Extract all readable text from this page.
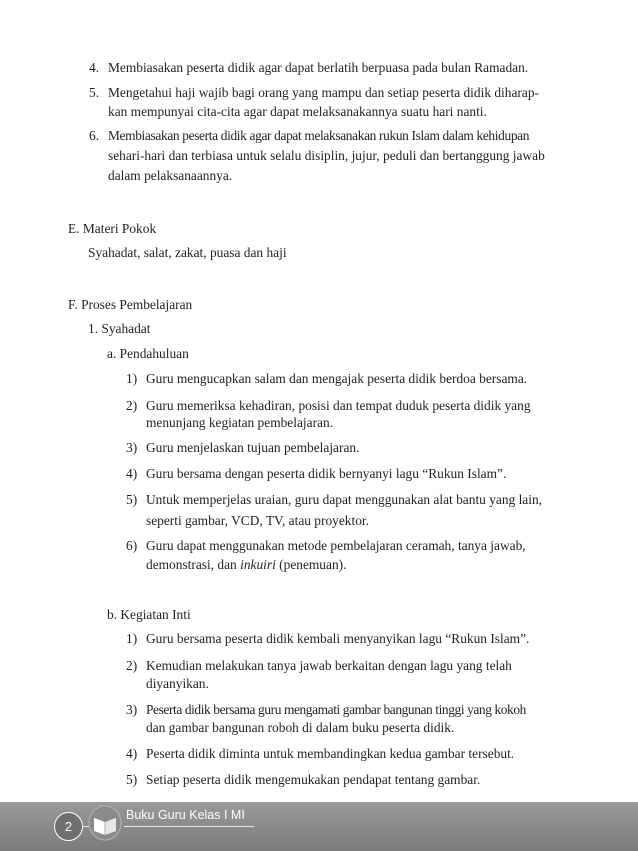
4. Membiasakan peserta didik agar dapat berlatih berpuasa pada bulan Ramadan.
5. Mengetahui haji wajib bagi orang yang mampu dan setiap peserta didik diharap-
kan mempunyai cita-cita agar dapat melaksanakannya suatu hari nanti.
6. Membiasakan peserta didik agar dapat melaksanakan rukun Islam dalam kehidupan
sehari-hari dan terbiasa untuk selalu disiplin, jujur, peduli dan bertanggung jawab
dalam pelaksanaannya.
E. Materi Pokok
Syahadat, salat, zakat, puasa dan haji
F. Proses Pembelajaran
1. Syahadat
a. Pendahuluan
1) Guru mengucapkan salam dan mengajak peserta didik berdoa bersama.
2) Guru memeriksa kehadiran, posisi dan tempat duduk peserta didik yang
menunjang kegiatan pembelajaran.
3) Guru menjelaskan tujuan pembelajaran.
4) Guru bersama dengan peserta didik bernyanyi lagu “Rukun Islam”.
5) Untuk memperjelas uraian, guru dapat menggunakan alat bantu yang lain,
seperti gambar, VCD, TV, atau proyektor.
6) Guru dapat menggunakan metode pembelajaran ceramah, tanya jawab,
demonstrasi, dan inkuiri (penemuan).
b. Kegiatan Inti
1) Guru bersama peserta didik kembali menyanyikan lagu “Rukun Islam”.
2) Kemudian melakukan tanya jawab berkaitan dengan lagu yang telah
diyanyikan.
3) Peserta didik bersama guru mengamati gambar bangunan tinggi yang kokoh
dan gambar bangunan roboh di dalam buku peserta didik.
4) Peserta didik diminta untuk membandingkan kedua gambar tersebut.
5) Setiap peserta didik mengemukakan pendapat tentang gambar.
2
Buku Guru Kelas I MI
